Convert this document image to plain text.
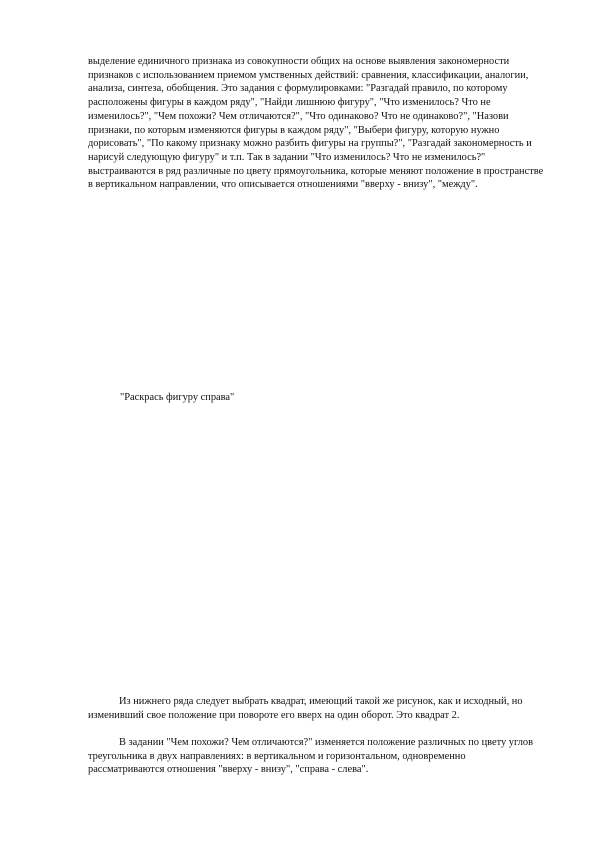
выделение единичного признака из совокупности общих на основе выявления закономерности признаков с использованием приемом умственных действий: сравнения, классификации, аналогии, анализа, синтеза, обобщения. Это задания с формулировками: "Разгадай правило, по которому расположены фигуры в каждом ряду", "Найди лишнюю фигуру", "Что изменилось? Что не изменилось?", "Чем похожи? Чем отличаются?", "Что одинаково? Что не одинаково?", "Назови признаки, по которым изменяются фигуры в каждом ряду", "Выбери фигуру, которую нужно дорисовать", "По какому признаку можно разбить фигуры на группы?", "Разгадай закономерность и нарисуй следующую фигуру" и т.п. Так в задании "Что изменилось? Что не изменилось?" выстраиваются в ряд различные по цвету прямоугольника, которые меняют положение в пространстве в вертикальном направлении, что описывается отношениями "вверху - внизу", "между".

"Раскрась фигуру справа"

Из нижнего ряда следует выбрать квадрат, имеющий такой же рисунок, как и исходный, но изменивший свое положение при повороте его вверх на один оборот. Это квадрат 2.

В задании "Чем похожи? Чем отличаются?" изменяется положение различных по цвету углов треугольника в двух направлениях: в вертикальном и горизонтальном, одновременно рассматриваются отношения "вверху - внизу", "справа - слева".
